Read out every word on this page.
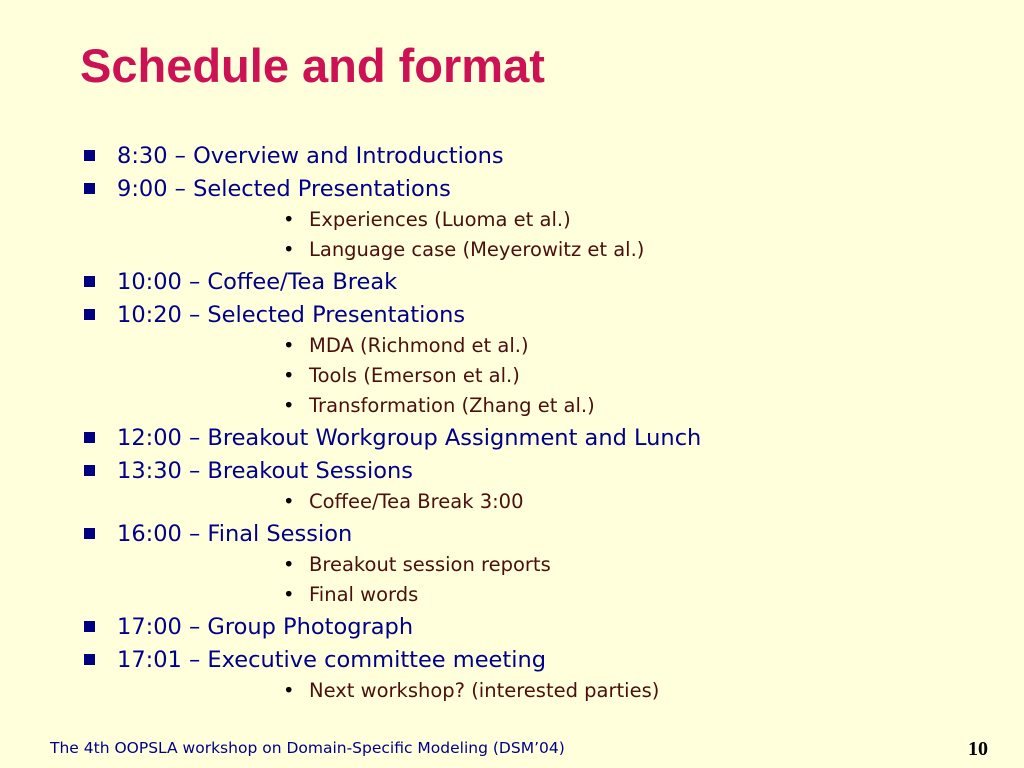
Schedule and format
8:30 – Overview and Introductions
9:00 – Selected Presentations
• Experiences (Luoma et al.)
• Language case (Meyerowitz et al.)
10:00 – Coffee/Tea Break
10:20 – Selected Presentations
• MDA (Richmond et al.)
• Tools (Emerson et al.)
• Transformation (Zhang et al.)
12:00 – Breakout Workgroup Assignment and Lunch
13:30 – Breakout Sessions
• Coffee/Tea Break 3:00
16:00 – Final Session
• Breakout session reports
• Final words
17:00 – Group Photograph
17:01 – Executive committee meeting
• Next workshop? (interested parties)
The 4th OOPSLA workshop on Domain-Specific Modeling (DSM’04)	10
